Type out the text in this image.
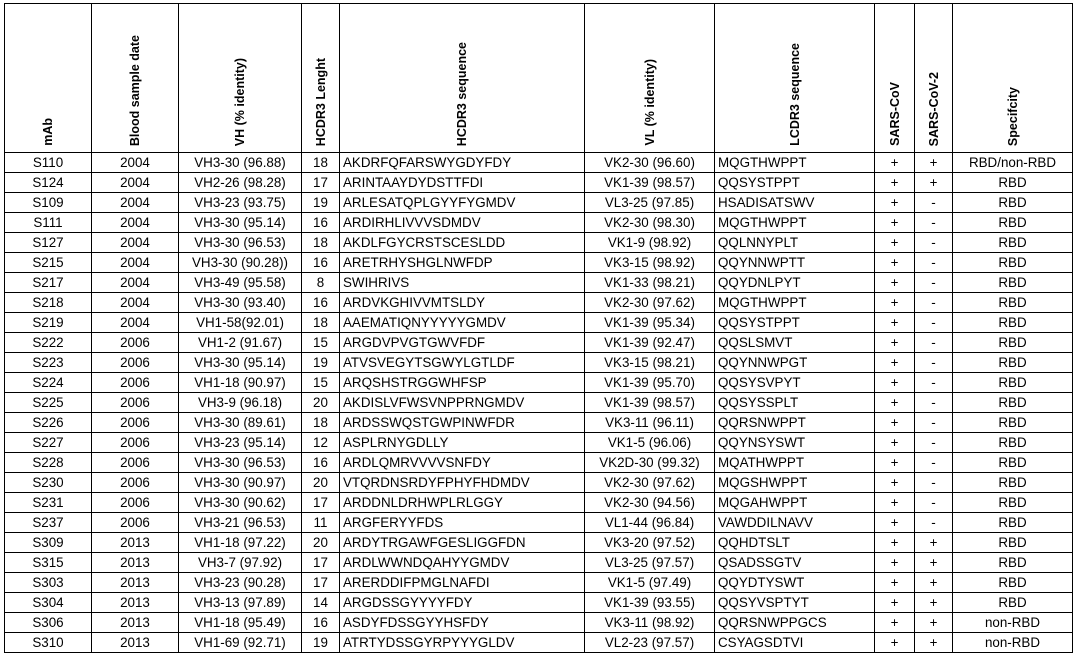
mAb	Blood sample date	VH (% identity)	HCDR3 Lenght	HCDR3 sequence	VL (% identity)	LCDR3 sequence	SARS-CoV	SARS-CoV-2	Specifcity

S110	2004	VH3-30 (96.88)	18	AKDRFQFARSWYGDYFDY	VK2-30 (96.60)	MQGTHWPPT	+	+	RBD/non-RBD
S124	2004	VH2-26 (98.28)	17	ARINTAAYDYDSTTFDI	VK1-39 (98.57)	QQSYSTPPT	+	+	RBD
S109	2004	VH3-23 (93.75)	19	ARLESATQPLGYYFYGMDV	VL3-25 (97.85)	HSADISATSWV	+	-	RBD
S111	2004	VH3-30 (95.14)	16	ARDIRHLIVVVSDMDV	VK2-30 (98.30)	MQGTHWPPT	+	-	RBD
S127	2004	VH3-30 (96.53)	18	AKDLFGYCRSTSCESLDD	VK1-9 (98.92)	QQLNNYPLT	+	-	RBD
S215	2004	VH3-30 (90.28))	16	ARETRHYSHGLNWFDP	VK3-15 (98.92)	QQYNNWPTT	+	-	RBD
S217	2004	VH3-49 (95.58)	8	SWIHRIVS	VK1-33 (98.21)	QQYDNLPYT	+	-	RBD
S218	2004	VH3-30 (93.40)	16	ARDVKGHIVVMTSLDY	VK2-30 (97.62)	MQGTHWPPT	+	-	RBD
S219	2004	VH1-58(92.01)	18	AAEMATIQNYYYYYGMDV	VK1-39 (95.34)	QQSYSTPPT	+	-	RBD
S222	2006	VH1-2 (91.67)	15	ARGDVPVGTGWVFDF	VK1-39 (92.47)	QQSLSMVT	+	-	RBD
S223	2006	VH3-30 (95.14)	19	ATVSVEGYTSGWYLGTLDF	VK3-15 (98.21)	QQYNNWPGT	+	-	RBD
S224	2006	VH1-18 (90.97)	15	ARQSHSTRGGWHFSP	VK1-39 (95.70)	QQSYSVPYT	+	-	RBD
S225	2006	VH3-9 (96.18)	20	AKDISLVFWSVNPPRNGMDV	VK1-39 (98.57)	QQSYSSPLT	+	-	RBD
S226	2006	VH3-30 (89.61)	18	ARDSSWQSTGWPINWFDR	VK3-11 (96.11)	QQRSNWPPT	+	-	RBD
S227	2006	VH3-23 (95.14)	12	ASPLRNYGDLLY	VK1-5 (96.06)	QQYNSYSWT	+	-	RBD
S228	2006	VH3-30 (96.53)	16	ARDLQMRVVVVSNFDY	VK2D-30 (99.32)	MQATHWPPT	+	-	RBD
S230	2006	VH3-30 (90.97)	20	VTQRDNSRDYFPHYFHDMDV	VK2-30 (97.62)	MQGSHWPPT	+	-	RBD
S231	2006	VH3-30 (90.62)	17	ARDDNLDRHWPLRLGGY	VK2-30 (94.56)	MQGAHWPPT	+	-	RBD
S237	2006	VH3-21 (96.53)	11	ARGFERYYFDS	VL1-44 (96.84)	VAWDDILNAVV	+	-	RBD
S309	2013	VH1-18 (97.22)	20	ARDYTRGAWFGESLIGGFDN	VK3-20 (97.52)	QQHDTSLT	+	+	RBD
S315	2013	VH3-7 (97.92)	17	ARDLWWNDQAHYYGMDV	VL3-25 (97.57)	QSADSSGTV	+	+	RBD
S303	2013	VH3-23 (90.28)	17	ARERDDIFPMGLNAFDI	VK1-5 (97.49)	QQYDTYSWT	+	+	RBD
S304	2013	VH3-13 (97.89)	14	ARGDSSGYYYYFDY	VK1-39 (93.55)	QQSYVSPTYT	+	+	RBD
S306	2013	VH1-18 (95.49)	16	ASDYFDSSGYYHSFDY	VK3-11 (98.92)	QQRSNWPPGCS	+	+	non-RBD
S310	2013	VH1-69 (92.71)	19	ATRTYDSSGYRPYYYGLDV	VL2-23 (97.57)	CSYAGSDTVI	+	+	non-RBD
